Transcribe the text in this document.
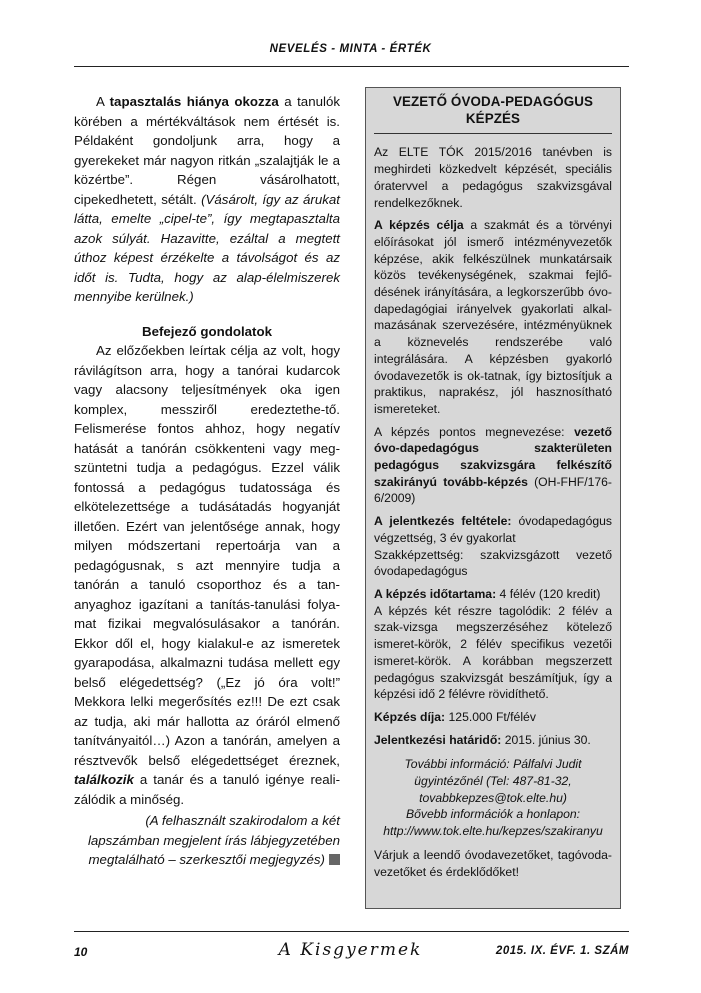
NEVELÉS - MINTA - ÉRTÉK

A tapasztalás hiánya okozza a tanulók körében a mértékváltások nem értését is. Példaként gondoljunk arra, hogy a gyerekeket már nagyon ritkán „szalajtják le a közértbe”. Régen vásárolhatott, cipekedhetett, sétált. (Vásárolt, így az árukat látta, emelte „cipel-te”, így megtapasztalta azok súlyát. Hazavitte, ezáltal a megtett úthoz képest érzékelte a távolságot és az időt is. Tudta, hogy az alap-élelmiszerek mennyibe kerülnek.)

Befejező gondolatok

Az előzőekben leírtak célja az volt, hogy rávilágítson arra, hogy a tanórai kudarcok vagy alacsony teljesítmények oka igen komplex, messziről eredeztethe-tő. Felismerése fontos ahhoz, hogy negatív hatását a tanórán csökkenteni vagy meg-szüntetni tudja a pedagógus. Ezzel válik fontossá a pedagógus tudatossága és elkötelezettsége a tudásátadás hogyanját illetően. Ezért van jelentősége annak, hogy milyen módszertani repertoárja van a pedagógusnak, s azt mennyire tudja a tanórán a tanuló csoporthoz és a tan-anyaghoz igazítani a tanítás-tanulási folya-mat fizikai megvalósulásakor a tanórán. Ekkor dől el, hogy kialakul-e az ismeretek gyarapodása, alkalmazni tudása mellett egy belső elégedettség? („Ez jó óra volt!” Mekkora lelki megerősítés ez!!! De ezt csak az tudja, aki már hallotta az óráról elmenő tanítványaitól…) Azon a tanórán, amelyen a résztvevők belső elégedettséget éreznek, találkozik a tanár és a tanuló igénye reali-zálódik a minőség.

(A felhasznált szakirodalom a két lapszámban megjelent írás lábjegyzetében megtalálható – szerkesztői megjegyzés)

VEZETŐ ÓVODA-PEDAGÓGUS KÉPZÉS

Az ELTE TÓK 2015/2016 tanévben is meghirdeti közkedvelt képzését, speciális óratervvel a pedagógus szakvizsgával rendelkezőknek.

A képzés célja a szakmát és a törvényi előírásokat jól ismerő intézményvezetők képzése, akik felkészülnek munkatársaik közös tevékenységének, szakmai fejlő-désének irányítására, a legkorszerűbb óvo-dapedagógiai irányelvek gyakorlati alkal-mazásának szervezésére, intézményüknek a köznevelés rendszerébe való integrálására. A képzésben gyakorló óvodavezetők is ok-tatnak, így biztosítjuk a praktikus, naprakész, jól hasznosítható ismereteket.

A képzés pontos megnevezése: vezető óvo-dapedagógus szakterületen pedagógus szakvizsgára felkészítő szakirányú tovább-képzés (OH-FHF/176-6/2009)

A jelentkezés feltétele: óvodapedagógus végzettség, 3 év gyakorlat

Szakképzettség: szakvizsgázott vezető óvodapedagógus

A képzés időtartama: 4 félév (120 kredit)

A képzés két részre tagolódik: 2 félév a szak-vizsga megszerzéséhez kötelező ismeret-körök, 2 félév specifikus vezetői ismeret-körök. A korábban megszerzett pedagógus szakvizsgát beszámítjuk, így a képzési idő 2 félévre rövidíthető.

Képzés díja: 125.000 Ft/félév

Jelentkezési határidő: 2015. június 30.

További információ: Pálfalvi Judit
ügyintézőnél (Tel: 487-81-32,
tovabbkepzes@tok.elte.hu)
Bővebb információk a honlapon:
http://www.tok.elte.hu/kepzes/szakiranyu

Várjuk a leendő óvodavezetőket, tagóvoda-vezetőket és érdeklődőket!

10	A Kisgyermek	2015. IX. ÉVF. 1. SZÁM
